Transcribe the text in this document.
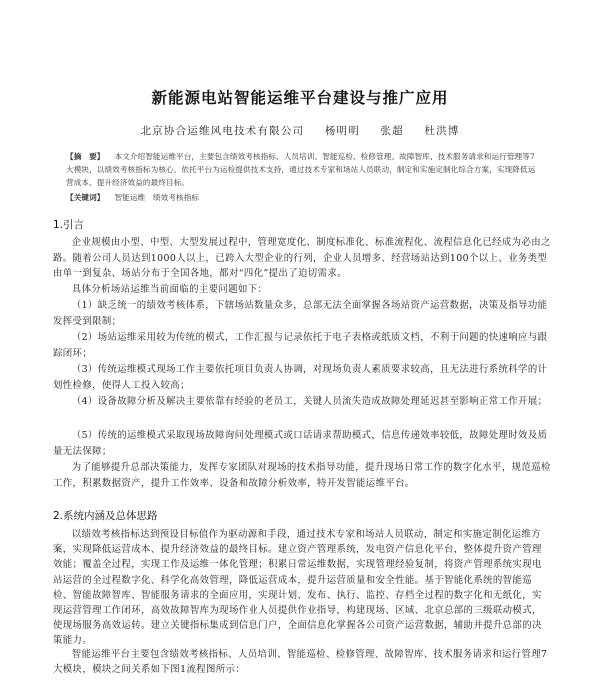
新能源电站智能运维平台建设与推广应用
北京协合运维风电技术有限公司 杨明明 张超 杜洪博
【摘　要】 本文介绍智能运维平台，主要包含绩效考核指标、人员培训、智能巡检、检修管理、故障智库、技术服务请求和运行管理等7大模块，以绩效考核指标为核心，依托平台为运检提供技术支持，通过技术专家和场站人员联动，制定和实施定制化综合方案，实现降低运营成本、提升经济效益的最终目标。
【关键词】 智能运维　绩效考核指标
1.引言

企业规模由小型、中型、大型发展过程中，管理宽度化、制度标准化、标准流程化、流程信息化已经成为必由之路。随着公司人员达到1000人以上，已跨入大型企业的行列，企业人员增多、经营场站达到100个以上、业务类型由单一到复杂、场站分布于全国各地，都对“四化”提出了迫切需求。

具体分析场站运维当前面临的主要问题如下：

（1）缺乏统一的绩效考核体系，下辖场站数量众多，总部无法全面掌握各场站资产运营数据，决策及指导功能发挥受到限制；

（2）场站运维采用较为传统的模式，工作汇报与记录依托于电子表格或纸质文档，不利于问题的快速响应与跟踪闭环；

（3）传统运维模式现场工作主要依托项目负责人协调，对现场负责人素质要求较高，且无法进行系统科学的计划性检修，使得人工投入较高；

（4）设备故障分析及解决主要依靠有经验的老员工，关键人员流失造成故障处理延迟甚至影响正常工作开展；

（5）传统的运维模式采取现场故障询问处理模式或口话请求帮助模式，信息传递效率较低，故障处理时效及质量无法保障；

为了能够提升总部决策能力，发挥专家团队对现场的技术指导功能，提升现场日常工作的数字化水平，规范巡检工作，积累数据资产，提升工作效率、设备和故障分析效率，特开发智能运维平台。

2.系统内涵及总体思路

以绩效考核指标达到预设目标值作为驱动源和手段，通过技术专家和场站人员联动，制定和实施定制化运维方案，实现降低运营成本、提升经济效益的最终目标。建立资产管理系统，发电资产信息化平台，整体提升资产管理效能；覆盖全过程，实现工作及运维一体化管理；积累日常运维数据，实现管理经验复制，将资产管理系统实现电站运营的全过程数字化、科学化高效管理，降低运营成本，提升运营质量和安全性能。基于智能化系统的智能巡检、智能故障智库、智能服务请求的全面应用，实现计划、发布、执行、监控、存档全过程的数字化和无纸化，实现运营管理工作闭环，高效故障智库为现场作业人员提供作业指导，构建现场、区域、北京总部的三级联动模式，使现场服务高效运转。建立关键指标集成到信息门户，全面信息化掌握各公司资产运营数据，辅助并提升总部的决策能力。

智能运维平台主要包含绩效考核指标、人员培训、智能巡检、检修管理、故障智库、技术服务请求和运行管理7大模块，模块之间关系如下图1流程图所示：
